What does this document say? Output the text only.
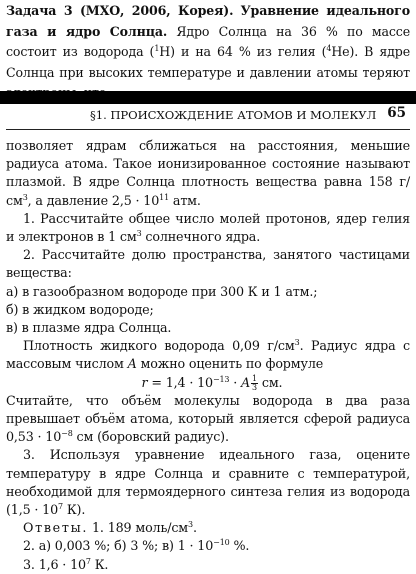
Задача 3 (МХО, 2006, Корея). Уравнение идеального газа и ядро Солнца. Ядро Солнца на 36 % по массе состоит из водорода ($^1$H) и на 64 % из гелия ($^4$He). В ядре Солнца при высоких температуре и давлении атомы теряют
§1. ПРОИСХОЖДЕНИЕ АТОМОВ И МОЛЕКУЛ 65

позволяет ядрам сближаться на расстояния, меньшие радиуса атома. Такое ионизированное состояние называют плазмой. В ядре Солнца плотность вещества равна 158 $г/см^3$, а давление $2,5 \cdot 10^{11}$ атм.

1. Рассчитайте общее число молей протонов, ядер гелия и электронов в 1 $см^3$ солнечного ядра.

2. Рассчитайте долю пространства, занятого частицами вещества:

а) в газообразном водороде при 300 К и 1 атм.;

б) в жидком водороде;

в) в плазме ядра Солнца.

Плотность жидкого водорода 0,09 $г/см^3$. Радиус ядра с массовым числом A можно оценить по формуле

$r = 1,4 \cdot 10^{-13} \cdot A \frac{1}{3}$ см.

Считайте, что объём молекулы водорода в два раза превышает объём атома, который является сферой радиуса $0,53 \cdot 10^{-8}$ см (боровский радиус).

3. Используя уравнение идеального газа, оцените температуру в ядре Солнца и сравните с температурой, необходимой для термоядерного синтеза гелия из водорода ($1,5 \cdot 10^7$ К).

Ответы. 1. 189 моль/$см^3$.

2. а) 0,003 %; б) 3 %; в) $1 \cdot 10^{-10}$ %.

3. $1,6 \cdot 10^7$ К.
